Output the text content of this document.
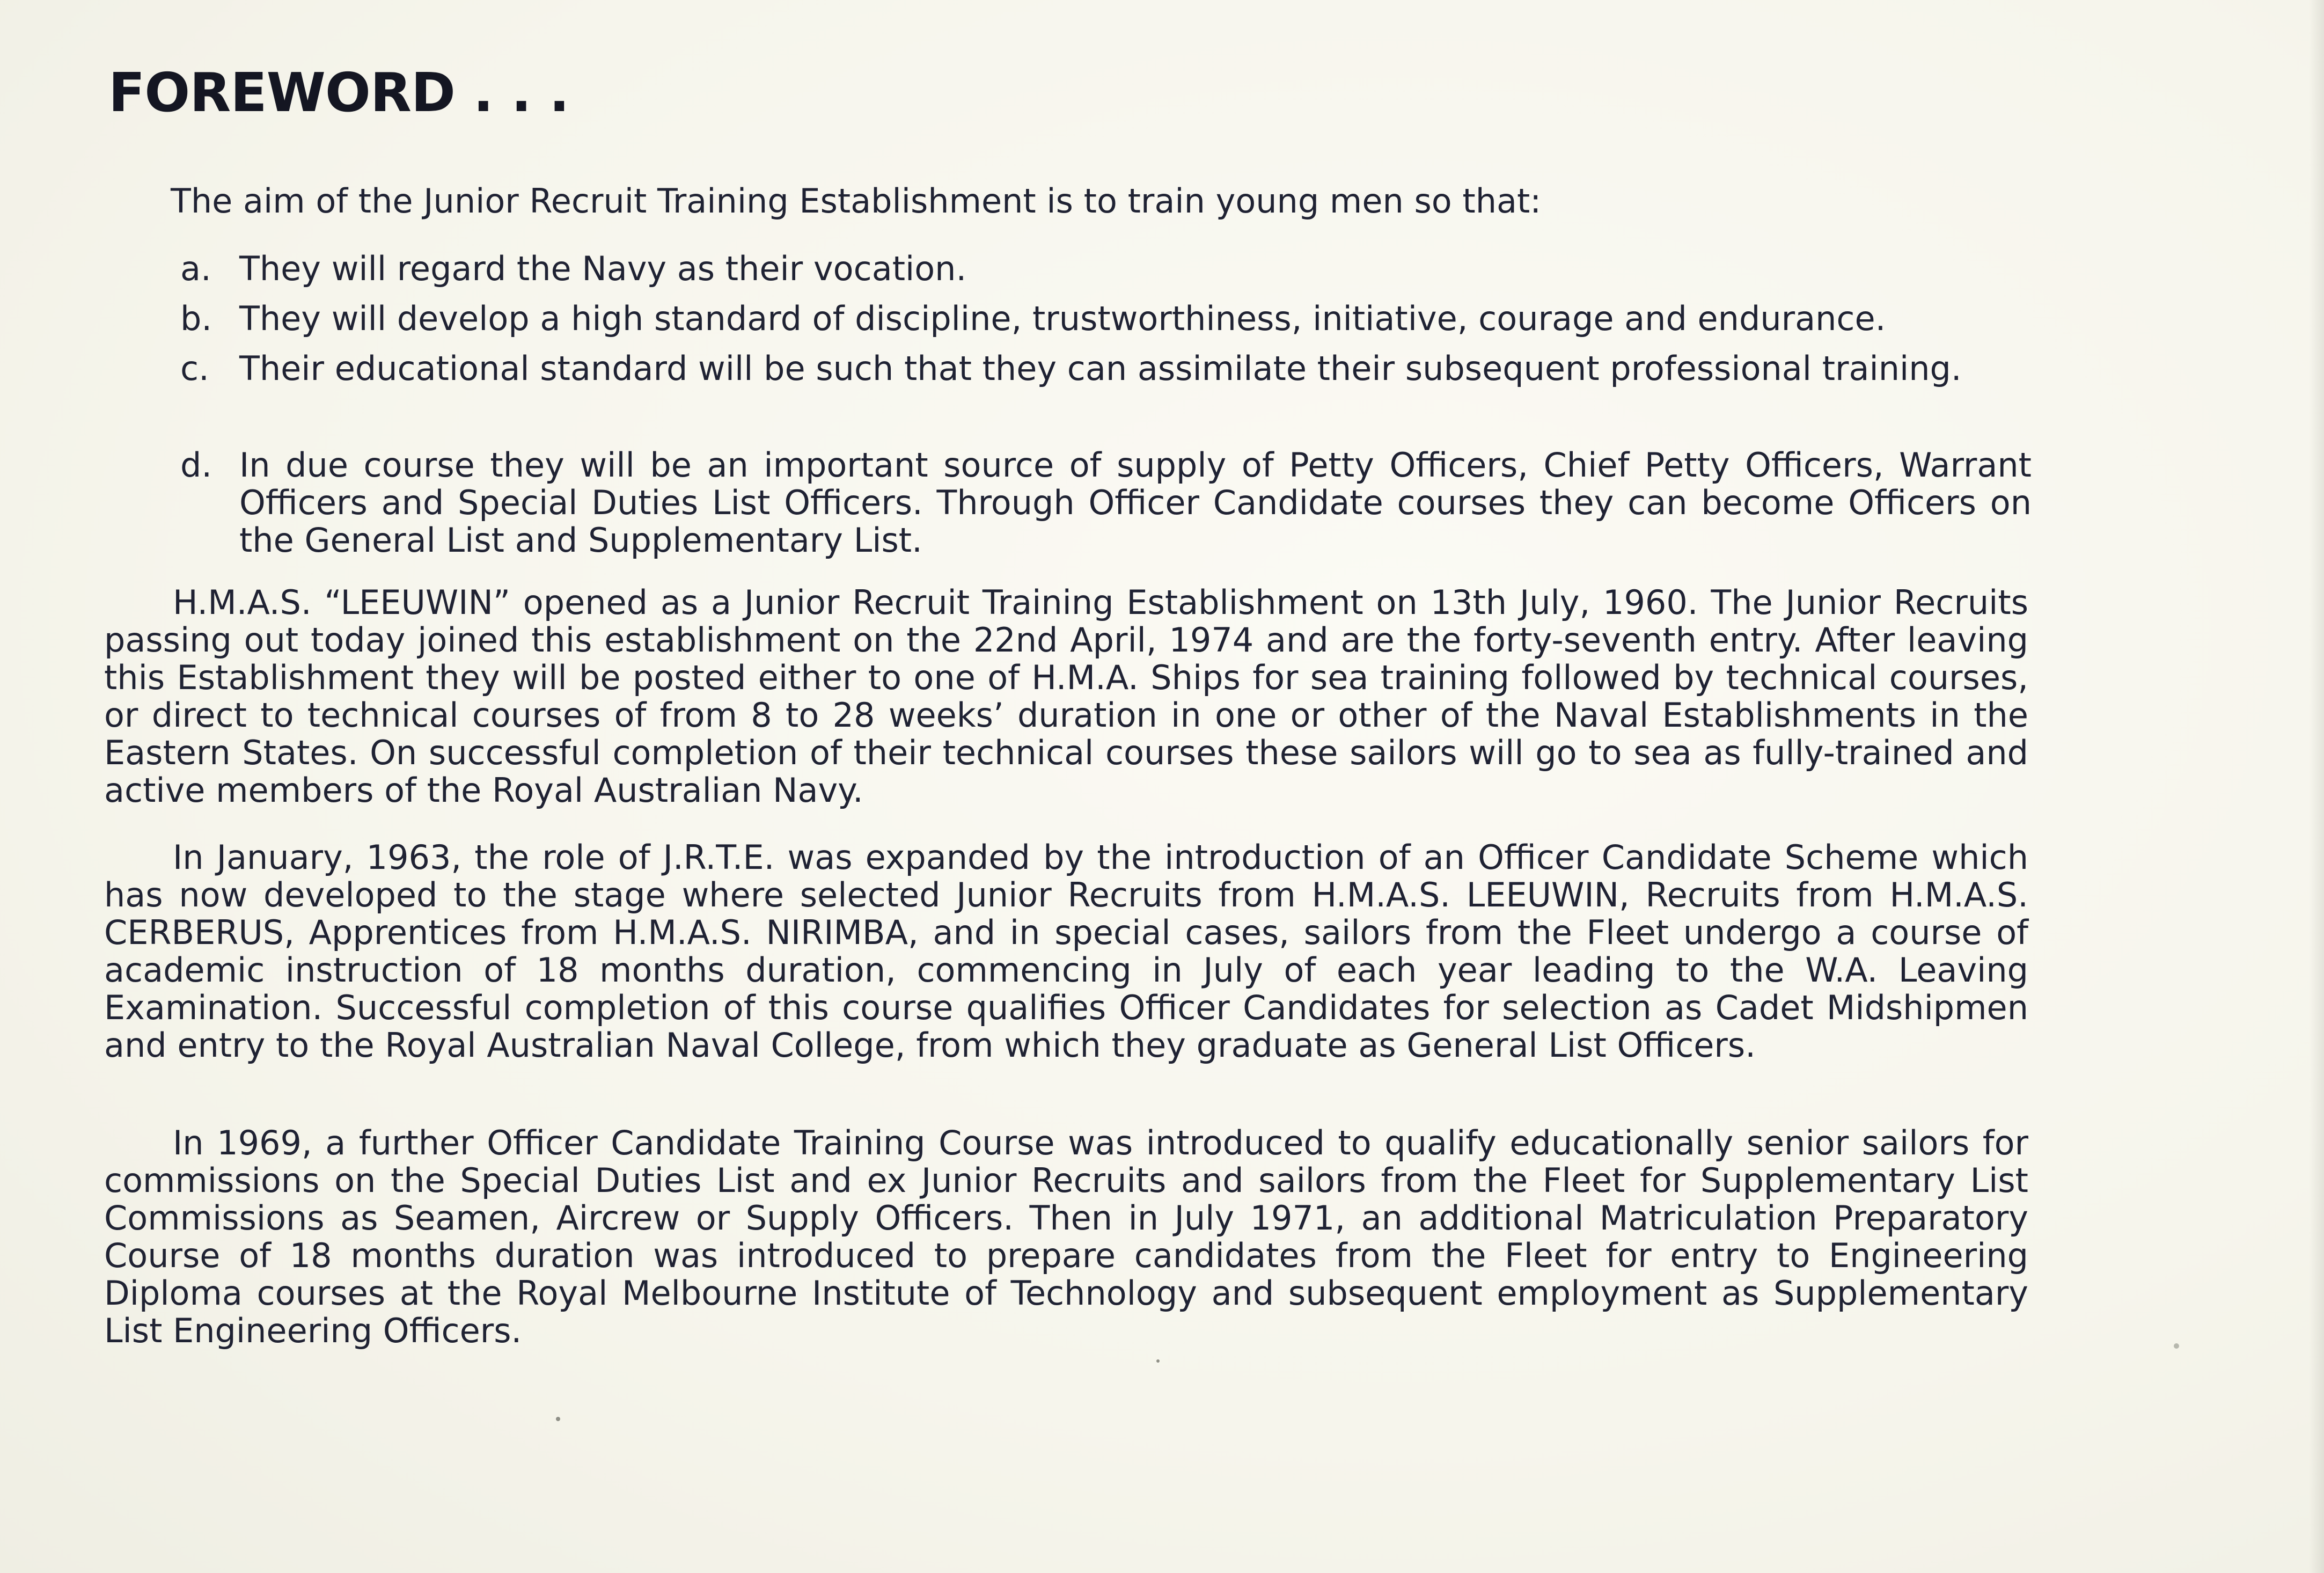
FOREWORD . . .

The aim of the Junior Recruit Training Establishment is to train young men so that:

a. They will regard the Navy as their vocation.
b. They will develop a high standard of discipline, trustworthiness, initiative, courage and endurance.
c. Their educational standard will be such that they can assimilate their subsequent professional training.
d. In due course they will be an important source of supply of Petty Officers, Chief Petty Officers, Warrant Officers and Special Duties List Officers. Through Officer Candidate courses they can become Officers on the General List and Supplementary List.

H.M.A.S. “LEEUWIN” opened as a Junior Recruit Training Establishment on 13th July, 1960. The Junior Recruits passing out today joined this establishment on the 22nd April, 1974 and are the forty-seventh entry. After leaving this Establishment they will be posted either to one of H.M.A. Ships for sea training followed by technical courses, or direct to technical courses of from 8 to 28 weeks’ duration in one or other of the Naval Establishments in the Eastern States. On successful completion of their technical courses these sailors will go to sea as fully-trained and active members of the Royal Australian Navy.

In January, 1963, the role of J.R.T.E. was expanded by the introduction of an Officer Candidate Scheme which has now developed to the stage where selected Junior Recruits from H.M.A.S. LEEUWIN, Recruits from H.M.A.S. CERBERUS, Apprentices from H.M.A.S. NIRIMBA, and in special cases, sailors from the Fleet undergo a course of academic instruction of 18 months duration, commencing in July of each year leading to the W.A. Leaving Examination. Successful completion of this course qualifies Officer Candidates for selection as Cadet Midshipmen and entry to the Royal Australian Naval College, from which they graduate as General List Officers.

In 1969, a further Officer Candidate Training Course was introduced to qualify educationally senior sailors for commissions on the Special Duties List and ex Junior Recruits and sailors from the Fleet for Supplementary List Commissions as Seamen, Aircrew or Supply Officers. Then in July 1971, an additional Matriculation Preparatory Course of 18 months duration was introduced to prepare candidates from the Fleet for entry to Engineering Diploma courses at the Royal Melbourne Institute of Technology and subsequent employment as Supplementary List Engineering Officers.
